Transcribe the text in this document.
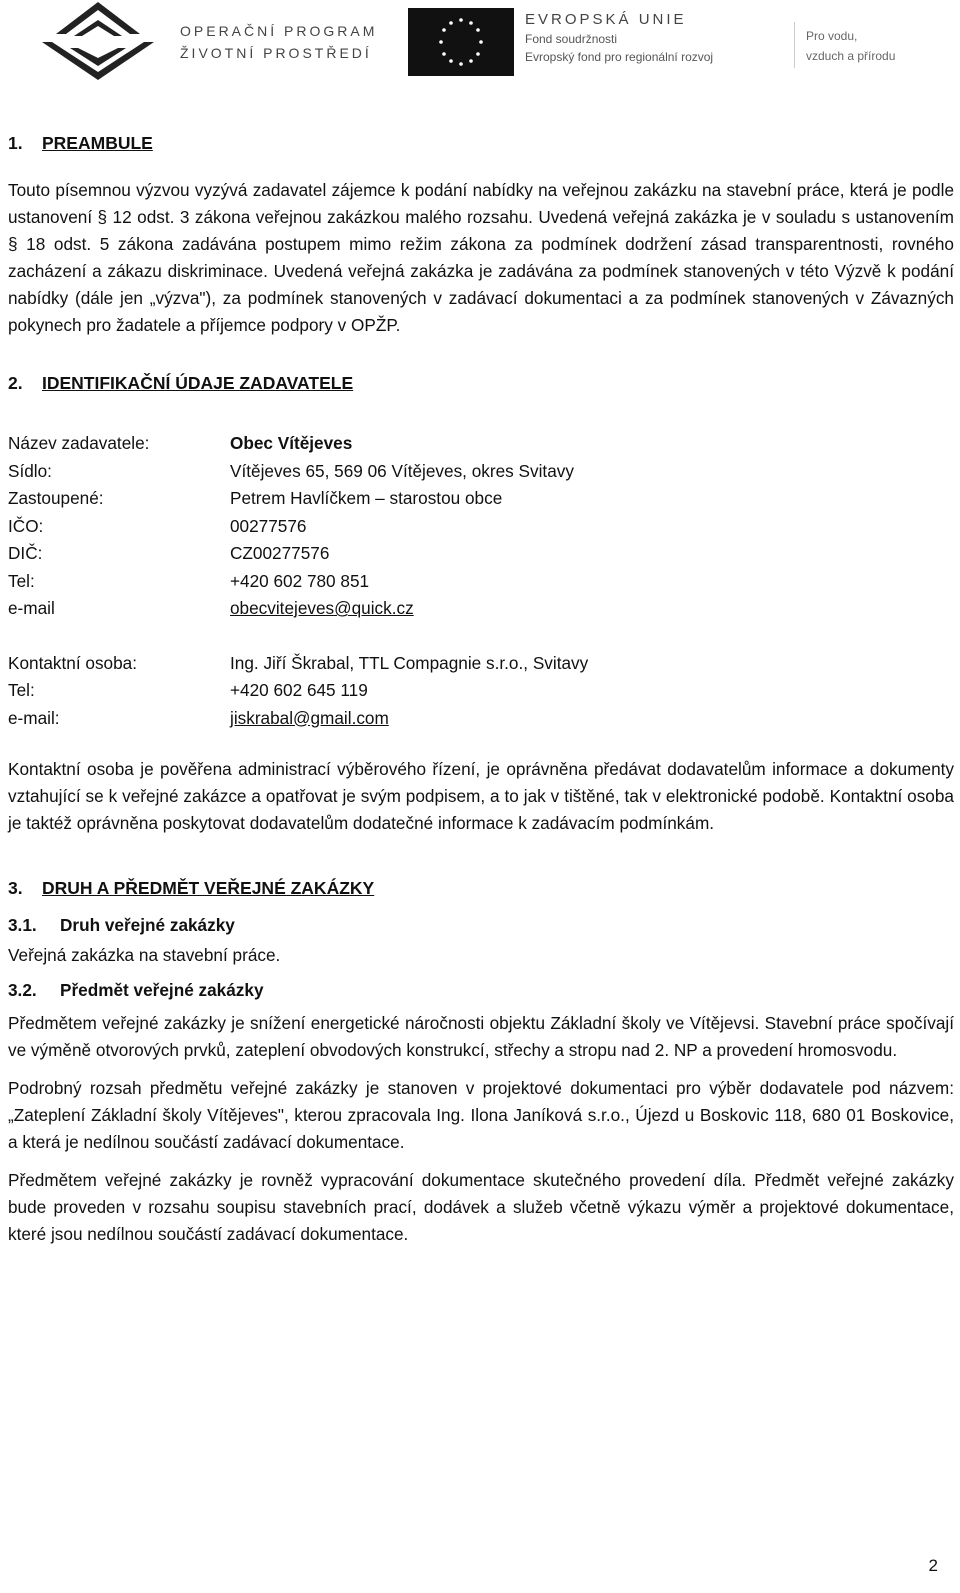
OPERAČNÍ PROGRAM
ŽIVOTNÍ PROSTŘEDÍ
EVROPSKÁ UNIE
Fond soudržnosti
Evropský fond pro regionální rozvoj
Pro vodu,
vzduch a přírodu
1. PREAMBULE

Touto písemnou výzvou vyzývá zadavatel zájemce k podání nabídky na veřejnou zakázku na stavební práce, která je podle ustanovení § 12 odst. 3 zákona veřejnou zakázkou malého rozsahu. Uvedená veřejná zakázka je v souladu s ustanovením § 18 odst. 5 zákona zadávána postupem mimo režim zákona za podmínek dodržení zásad transparentnosti, rovného zacházení a zákazu diskriminace. Uvedená veřejná zakázka je zadávána za podmínek stanovených v této Výzvě k podání nabídky (dále jen „výzva"), za podmínek stanovených v zadávací dokumentaci a za podmínek stanovených v Závazných pokynech pro žadatele a příjemce podpory v OPŽP.

2. IDENTIFIKAČNÍ ÚDAJE ZADAVATELE
Název zadavatele:	Obec Vítějeves
Sídlo:	Vítějeves 65, 569 06 Vítějeves, okres Svitavy
Zastoupené:	Petrem Havlíčkem – starostou obce
IČO:	00277576
DIČ:	CZ00277576
Tel:	+420 602 780 851
e-mail	obecvitejeves@quick.cz
Kontaktní osoba:	Ing. Jiří Škrabal, TTL Compagnie s.r.o., Svitavy
Tel:	+420 602 645 119
e-mail:	jiskrabal@gmail.com

Kontaktní osoba je pověřena administrací výběrového řízení, je oprávněna předávat dodavatelům informace a dokumenty vztahující se k veřejné zakázce a opatřovat je svým podpisem, a to jak v tištěné, tak v elektronické podobě. Kontaktní osoba je taktéž oprávněna poskytovat dodavatelům dodatečné informace k zadávacím podmínkám.

3. DRUH A PŘEDMĚT VEŘEJNÉ ZAKÁZKY
3.1. Druh veřejné zakázky

Veřejná zakázka na stavební práce.

3.2. Předmět veřejné zakázky

Předmětem veřejné zakázky je snížení energetické náročnosti objektu Základní školy ve Vítějevsi. Stavební práce spočívají ve výměně otvorových prvků, zateplení obvodových konstrukcí, střechy a stropu nad 2. NP a provedení hromosvodu.

Podrobný rozsah předmětu veřejné zakázky je stanoven v projektové dokumentaci pro výběr dodavatele pod názvem: „Zateplení Základní školy Vítějeves", kterou zpracovala Ing. Ilona Janíková s.r.o., Újezd u Boskovic 118, 680 01 Boskovice, a která je nedílnou součástí zadávací dokumentace.

Předmětem veřejné zakázky je rovněž vypracování dokumentace skutečného provedení díla. Předmět veřejné zakázky bude proveden v rozsahu soupisu stavebních prací, dodávek a služeb včetně výkazu výměr a projektové dokumentace, které jsou nedílnou součástí zadávací dokumentace.

2
